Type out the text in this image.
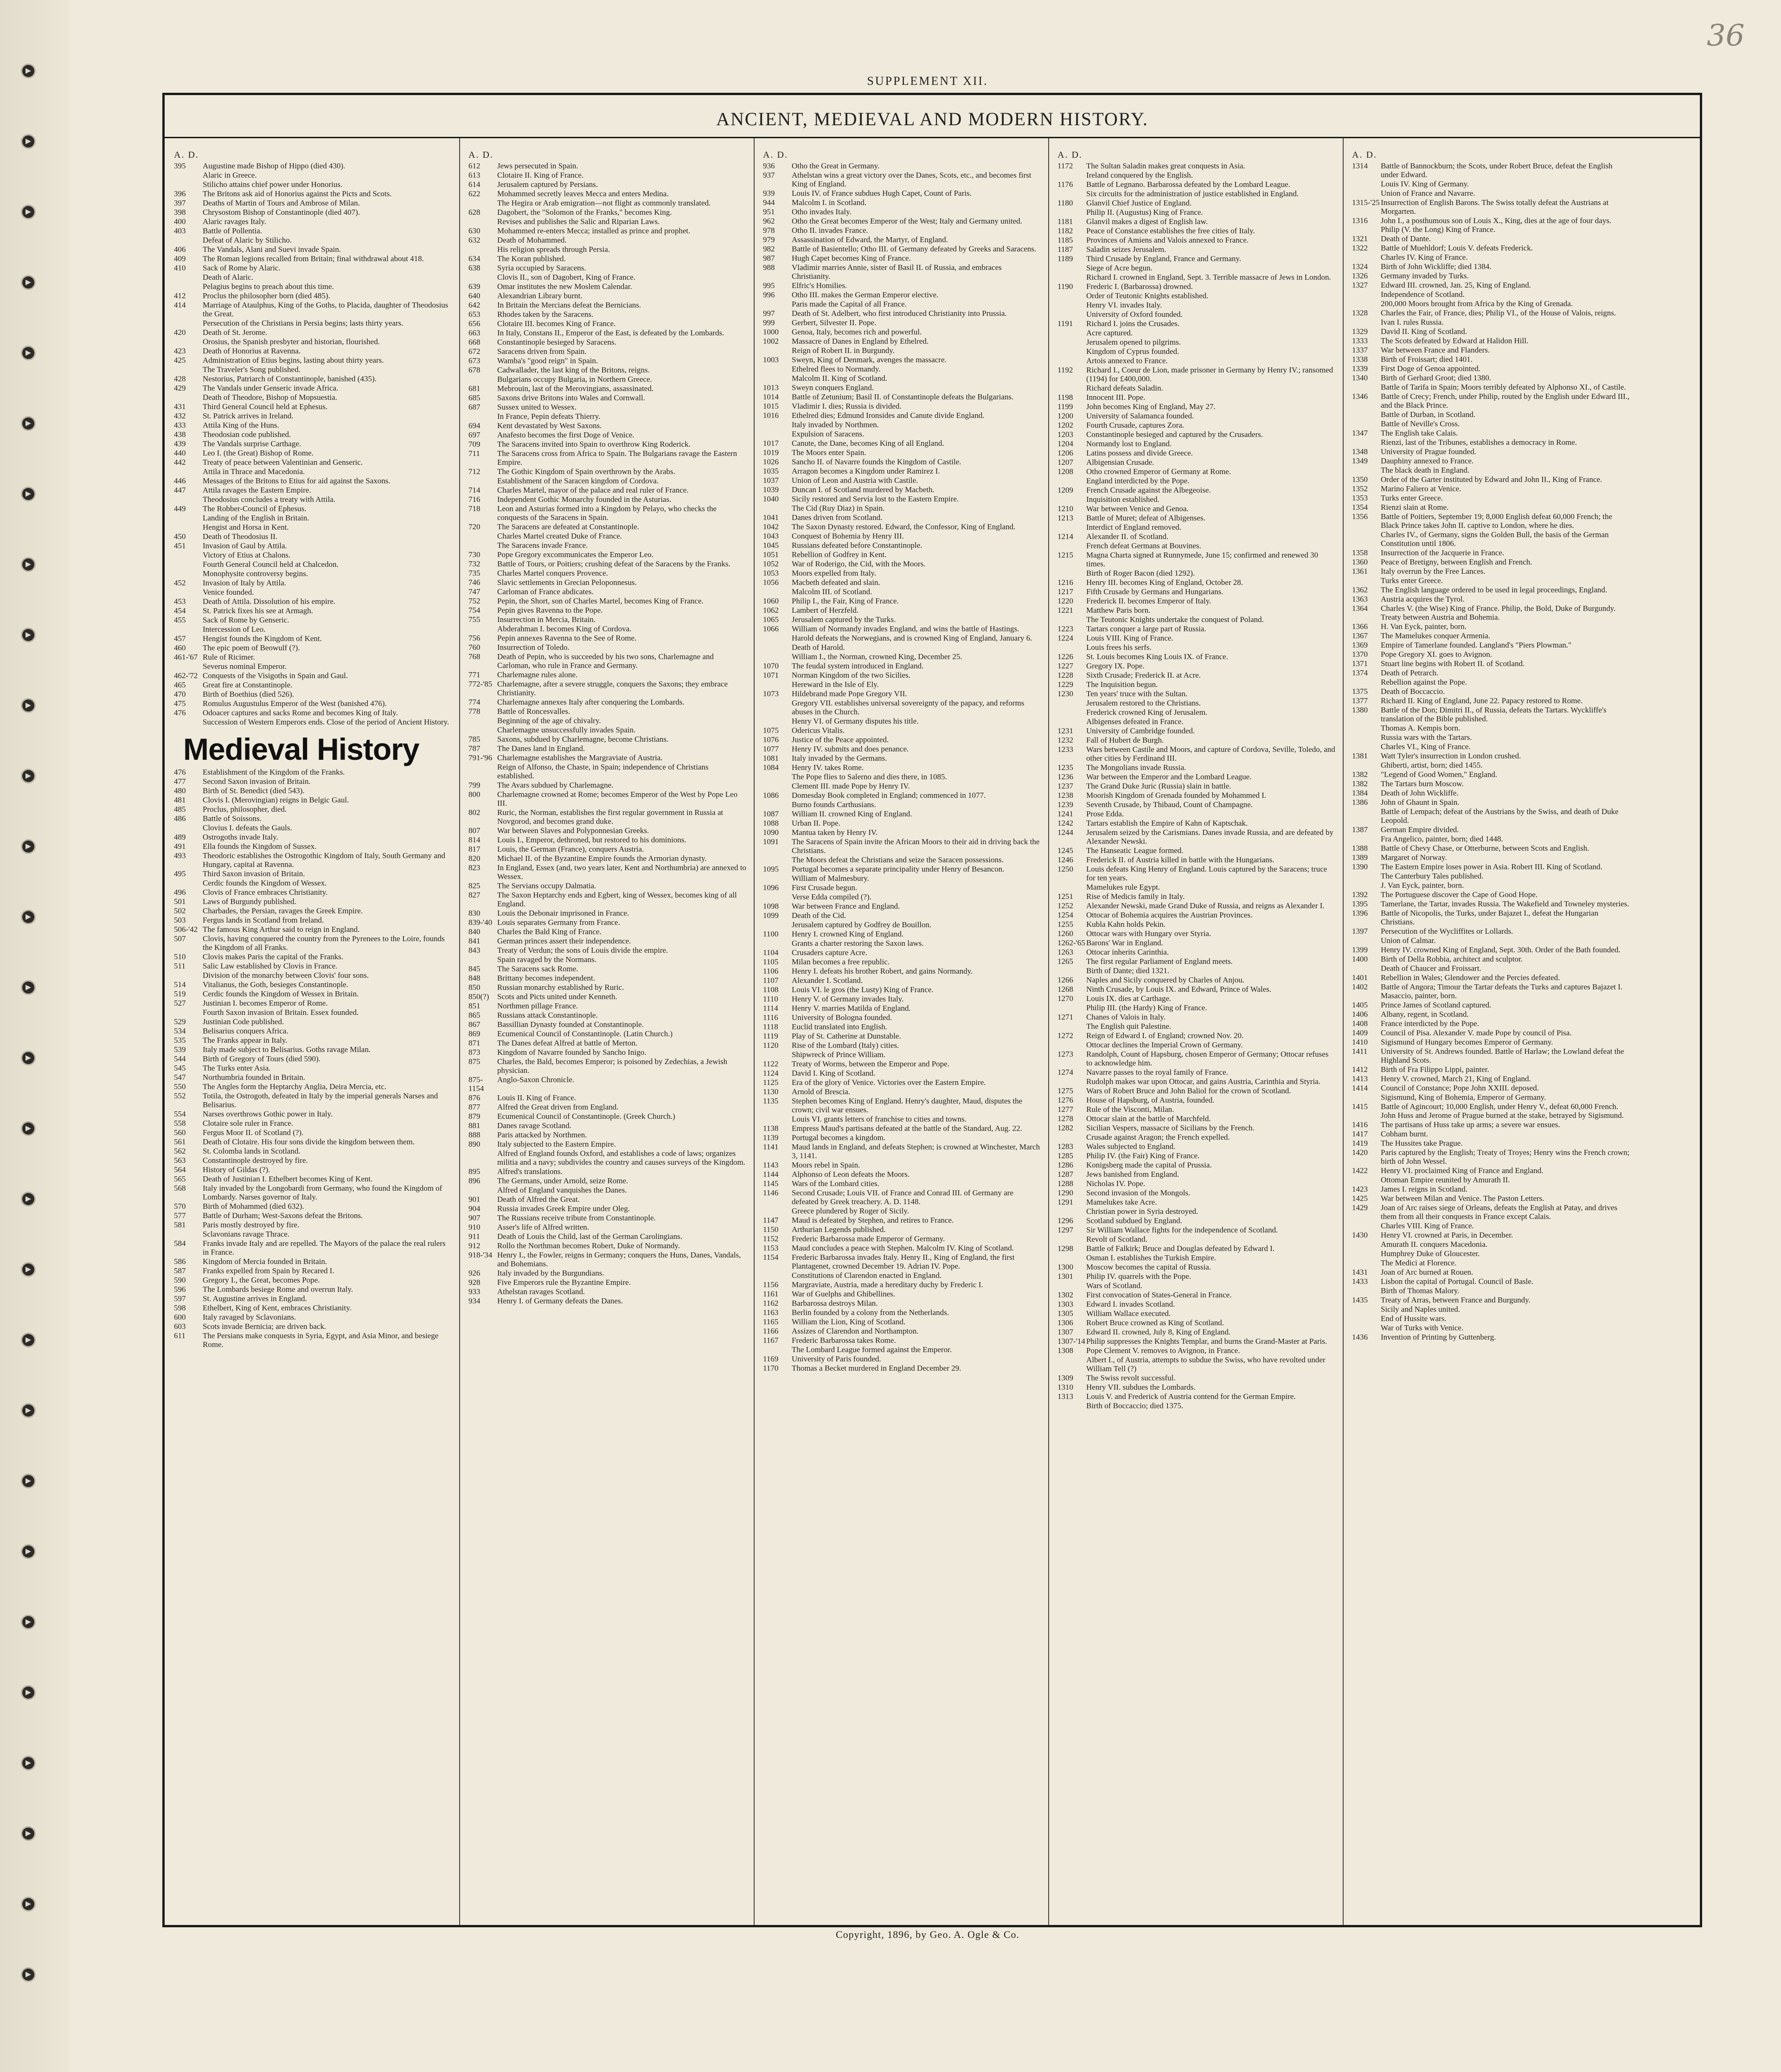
36
SUPPLEMENT XII.
ANCIENT, MEDIEVAL AND MODERN HISTORY.
A. D.
395	Augustine made Bishop of Hippo (died 430).
Alaric in Greece.
Stilicho attains chief power under Honorius.
396	The Britons ask aid of Honorius against the Picts and Scots.
397	Deaths of Martin of Tours and Ambrose of Milan.
398	Chrysostom Bishop of Constantinople (died 407).
400	Alaric ravages Italy.
403	Battle of Pollentia.
Defeat of Alaric by Stilicho.
406	The Vandals, Alani and Suevi invade Spain.
409	The Roman legions recalled from Britain; final withdrawal about 418.
410	Sack of Rome by Alaric.
Death of Alaric.
Pelagius begins to preach about this time.
412	Proclus the philosopher born (died 485).
414	Marriage of Ataulphus, King of the Goths, to Placida, daughter of Theodosius the Great.
Persecution of the Christians in Persia begins; lasts thirty years.
420	Death of St. Jerome.
Orosius, the Spanish presbyter and historian, flourished.
423	Death of Honorius at Ravenna.
425	Administration of Etius begins, lasting about thirty years.
The Traveler's Song published.
428	Nestorius, Patriarch of Constantinople, banished (435).
429	The Vandals under Genseric invade Africa.
Death of Theodore, Bishop of Mopsuestia.
431	Third General Council held at Ephesus.
432	St. Patrick arrives in Ireland.
433	Attila King of the Huns.
438	Theodosian code published.
439	The Vandals surprise Carthage.
440	Leo I. (the Great) Bishop of Rome.
442	Treaty of peace between Valentinian and Genseric.
Attila in Thrace and Macedonia.
446	Messages of the Britons to Etius for aid against the Saxons.
447	Attila ravages the Eastern Empire.
Theodosius concludes a treaty with Attila.
449	The Robber-Council of Ephesus.
Landing of the English in Britain.
Hengist and Horsa in Kent.
450	Death of Theodosius II.
451	Invasion of Gaul by Attila.
Victory of Etius at Chalons.
Fourth General Council held at Chalcedon.
Monophysite controversy begins.
452	Invasion of Italy by Attila.
Venice founded.
453	Death of Attila. Dissolution of his empire.
454	St. Patrick fixes his see at Armagh.
455	Sack of Rome by Genseric.
Intercession of Leo.
457	Hengist founds the Kingdom of Kent.
460	The epic poem of Beowulf (?).
461-'67 Rule of Ricimer.
Severus nominal Emperor.
462-'72 Conquests of the Visigoths in Spain and Gaul.
465	Great fire at Constantinople.
470	Birth of Boethius (died 526).
475	Romulus Augustulus Emperor of the West (banished 476).
476	Odoacer captures and sacks Rome and becomes King of Italy.
Succession of Western Emperors ends. Close of the period of Ancient History.
Medieval History
476	Establishment of the Kingdom of the Franks.
477	Second Saxon invasion of Britain.
480	Birth of St. Benedict (died 543).
481	Clovis I. (Merovingian) reigns in Belgic Gaul.
485	Proclus, philosopher, died.
486	Battle of Soissons.
Clovius I. defeats the Gauls.
489	Ostrogoths invade Italy.
491	Ella founds the Kingdom of Sussex.
493	Theodoric establishes the Ostrogothic Kingdom of Italy, South Germany and Hungary, capital at Ravenna.
495	Third Saxon invasion of Britain.
Cerdic founds the Kingdom of Wessex.
496	Clovis of France embraces Christianity.
501	Laws of Burgundy published.
502	Charbades, the Persian, ravages the Greek Empire.
503	Fergus lands in Scotland from Ireland.
506-'42 The famous King Arthur said to reign in England.
507	Clovis, having conquered the country from the Pyrenees to the Loire, founds the Kingdom of all Franks.
510	Clovis makes Paris the capital of the Franks.
511	Salic Law established by Clovis in France.
Division of the monarchy between Clovis' four sons.
514	Vitalianus, the Goth, besieges Constantinople.
519	Cerdic founds the Kingdom of Wessex in Britain.
527	Justinian I. becomes Emperor of Rome.
Fourth Saxon invasion of Britain. Essex founded.
529	Justinian Code published.
534	Belisarius conquers Africa.
535	The Franks appear in Italy.
539	Italy made subject to Belisarius. Goths ravage Milan.
544	Birth of Gregory of Tours (died 590).
545	The Turks enter Asia.
547	Northumbria founded in Britain.
550	The Angles form the Heptarchy Anglia, Deira Mercia, etc.
552	Totila, the Ostrogoth, defeated in Italy by the imperial generals Narses and Belisarius.
554	Narses overthrows Gothic power in Italy.
558	Clotaire sole ruler in France.
560	Fergus Moor II. of Scotland (?).
561	Death of Clotaire. His four sons divide the kingdom between them.
562	St. Colomba lands in Scotland.
563	Constantinople destroyed by fire.
564	History of Gildas (?).
565	Death of Justinian I. Ethelbert becomes King of Kent.
568	Italy invaded by the Longobardi from Germany, who found the Kingdom of Lombardy. Narses governor of Italy.
570	Birth of Mohammed (died 632).
577	Battle of Durham; West-Saxons defeat the Britons.
581	Paris mostly destroyed by fire.
Sclavonians ravage Thrace.
584	Franks invade Italy and are repelled. The Mayors of the palace the real rulers in France.
586	Kingdom of Mercia founded in Britain.
587	Franks expelled from Spain by Recared I.
590	Gregory I., the Great, becomes Pope.
596	The Lombards besiege Rome and overrun Italy.
597	St. Augustine arrives in England.
598	Ethelbert, King of Kent, embraces Christianity.
600	Italy ravaged by Sclavonians.
603	Scots invade Bernicia; are driven back.
611	The Persians make conquests in Syria, Egypt, and Asia Minor, and besiege Rome.
A. D.
612	Jews persecuted in Spain.
613	Clotaire II. King of France.
614	Jerusalem captured by Persians.
622	Mohammed secretly leaves Mecca and enters Medina.
The Hegira or Arab emigration—not flight as commonly translated.
628	Dagobert, the "Solomon of the Franks," becomes King.
Revises and publishes the Salic and Riparian Laws.
630	Mohammed re-enters Mecca; installed as prince and prophet.
632	Death of Mohammed.
His religion spreads through Persia.
634	The Koran published.
638	Syria occupied by Saracens.
Clovis II., son of Dagobert, King of France.
639	Omar institutes the new Moslem Calendar.
640	Alexandrian Library burnt.
642	In Britain the Mercians defeat the Bernicians.
653	Rhodes taken by the Saracens.
656	Clotaire III. becomes King of France.
663	In Italy, Constans II., Emperor of the East, is defeated by the Lombards.
668	Constantinople besieged by Saracens.
672	Saracens driven from Spain.
673	Wamba's "good reign" in Spain.
678	Cadwallader, the last king of the Britons, reigns.
Bulgarians occupy Bulgaria, in Northern Greece.
681	Mebrouin, last of the Merovingians, assassinated.
685	Saxons drive Britons into Wales and Cornwall.
687	Sussex united to Wessex.
In France, Pepin defeats Thierry.
694	Kent devastated by West Saxons.
697	Anafesto becomes the first Doge of Venice.
709	The Saracens invited into Spain to overthrow King Roderick.
711	The Saracens cross from Africa to Spain. The Bulgarians ravage the Eastern Empire.
712	The Gothic Kingdom of Spain overthrown by the Arabs.
Establishment of the Saracen kingdom of Cordova.
714	Charles Martel, mayor of the palace and real ruler of France.
716	Independent Gothic Monarchy founded in the Asturias.
718	Leon and Asturias formed into a Kingdom by Pelayo, who checks the conquests of the Saracens in Spain.
720	The Saracens are defeated at Constantinople.
Charles Martel created Duke of France.
The Saracens invade France.
730	Pope Gregory excommunicates the Emperor Leo.
732	Battle of Tours, or Poitiers; crushing defeat of the Saracens by the Franks.
735	Charles Martel conquers Provence.
746	Slavic settlements in Grecian Peloponnesus.
747	Carloman of France abdicates.
752	Pepin, the Short, son of Charles Martel, becomes King of France.
754	Pepin gives Ravenna to the Pope.
755	Insurrection in Mercia, Britain.
Abderahman I. becomes King of Cordova.
756	Pepin annexes Ravenna to the See of Rome.
760	Insurrection of Toledo.
768	Death of Pepin, who is succeeded by his two sons, Charlemagne and Carloman, who rule in France and Germany.
771	Charlemagne rules alone.
772-'85 Charlemagne, after a severe struggle, conquers the Saxons; they embrace Christianity.
774	Charlemagne annexes Italy after conquering the Lombards.
778	Battle of Roncesvalles.
Beginning of the age of chivalry.
Charlemagne unsuccessfully invades Spain.
785	Saxons, subdued by Charlemagne, become Christians.
787	The Danes land in England.
791-'96 Charlemagne establishes the Margraviate of Austria.
Reign of Alfonso, the Chaste, in Spain; independence of Christians established.
799	The Avars subdued by Charlemagne.
800	Charlemagne crowned at Rome; becomes Emperor of the West by Pope Leo III.
802	Ruric, the Norman, establishes the first regular government in Russia at Novgorod, and becomes grand duke.
807	War between Slaves and Polyponnesian Greeks.
814	Louis I., Emperor, dethroned, but restored to his dominions.
817	Louis, the German (France), conquers Austria.
820	Michael II. of the Byzantine Empire founds the Armorian dynasty.
823	In England, Essex (and, two years later, Kent and Northumbria) are annexed to Wessex.
825	The Servians occupy Dalmatia.
827	The Saxon Heptarchy ends and Egbert, king of Wessex, becomes king of all England.
830	Louis the Debonair imprisoned in France.
839-'40 Louis separates Germany from France.
840	Charles the Bald King of France.
841	German princes assert their independence.
843	Treaty of Verdun; the sons of Louis divide the empire.
Spain ravaged by the Normans.
845	The Saracens sack Rome.
848	Brittany becomes independent.
850	Russian monarchy established by Ruric.
850(?)	Scots and Picts united under Kenneth.
851	Northmen pillage France.
865	Russians attack Constantinople.
867	Bassillian Dynasty founded at Constantinople.
869	Ecumenical Council of Constantinople. (Latin Church.)
871	The Danes defeat Alfred at battle of Merton.
873	Kingdom of Navarre founded by Sancho Inigo.
875	Charles, the Bald, becomes Emperor; is poisoned by Zedechias, a Jewish physician.
875-1154
Anglo-Saxon Chronicle.
876	Louis II. King of France.
877	Alfred the Great driven from England.
879	Ecumenical Council of Constantinople. (Greek Church.)
881	Danes ravage Scotland.
888	Paris attacked by Northmen.
890	Italy subjected to the Eastern Empire.
Alfred of England founds Oxford, and establishes a code of laws; organizes militia and a navy; subdivides the country and causes surveys of the Kingdom.
895	Alfred's translations.
896	The Germans, under Arnold, seize Rome.
Alfred of England vanquishes the Danes.
901	Death of Alfred the Great.
904	Russia invades Greek Empire under Oleg.
907	The Russians receive tribute from Constantinople.
910	Asser's life of Alfred written.
911	Death of Louis the Child, last of the German Carolingians.
912	Rollo the Northman becomes Robert, Duke of Normandy.
918-'34 Henry I., the Fowler, reigns in Germany; conquers the Huns, Danes, Vandals, and Bohemians.
926	Italy invaded by the Burgundians.
928	Five Emperors rule the Byzantine Empire.
933	Athelstan ravages Scotland.
934	Henry I. of Germany defeats the Danes.
A. D.
936	Otho the Great in Germany.
937	Athelstan wins a great victory over the Danes, Scots, etc., and becomes first King of England.
939	Louis IV. of France subdues Hugh Capet, Count of Paris.
944	Malcolm I. in Scotland.
951	Otho invades Italy.
962	Otho the Great becomes Emperor of the West; Italy and Germany united.
978	Otho II. invades France.
979	Assassination of Edward, the Martyr, of England.
982	Battle of Basientello; Otho III. of Germany defeated by Greeks and Saracens.
987	Hugh Capet becomes King of France.
988	Vladimir marries Annie, sister of Basil II. of Russia, and embraces Christianity.
995	Elfric's Homilies.
996	Otho III. makes the German Emperor elective.
Paris made the Capital of all France.
997	Death of St. Adelbert, who first introduced Christianity into Prussia.
999	Gerbert, Silvester II. Pope.
1000	Genoa, Italy, becomes rich and powerful.
1002	Massacre of Danes in England by Ethelred.
Reign of Robert II. in Burgundy.
1003	Sweyn, King of Denmark, avenges the massacre.
Ethelred flees to Normandy.
Malcolm II. King of Scotland.
1013	Sweyn conquers England.
1014	Battle of Zetunium; Basil II. of Constantinople defeats the Bulgarians.
1015	Vladimir I. dies; Russia is divided.
1016	Ethelred dies; Edmund Ironsides and Canute divide England.
Italy invaded by Northmen.
Expulsion of Saracens.
1017	Canute, the Dane, becomes King of all England.
1019	The Moors enter Spain.
1026	Sancho II. of Navarre founds the Kingdom of Castile.
1035	Arragon becomes a Kingdom under Ramirez I.
1037	Union of Leon and Austria with Castile.
1039	Duncan I. of Scotland murdered by Macbeth.
1040	Sicily restored and Servia lost to the Eastern Empire.
The Cid (Ruy Diaz) in Spain.
1041	Danes driven from Scotland.
1042	The Saxon Dynasty restored. Edward, the Confessor, King of England.
1043	Conquest of Bohemia by Henry III.
1045	Russians defeated before Constantinople.
1051	Rebellion of Godfrey in Kent.
1052	War of Roderigo, the Cid, with the Moors.
1053	Moors expelled from Italy.
1056	Macbeth defeated and slain.
Malcolm III. of Scotland.
1060	Philip I., the Fair, King of France.
1062	Lambert of Herzfeld.
1065	Jerusalem captured by the Turks.
1066	William of Normandy invades England, and wins the battle of Hastings.
Harold defeats the Norwegians, and is crowned King of England, January 6.
Death of Harold.
William I., the Norman, crowned King, December 25.
1070	The feudal system introduced in England.
1071	Norman Kingdom of the two Sicilies.
Hereward in the Isle of Ely.
1073	Hildebrand made Pope Gregory VII.
Gregory VII. establishes universal sovereignty of the papacy, and reforms abuses in the Church.
Henry VI. of Germany disputes his title.
1075	Odericus Vitalis.
1076	Justice of the Peace appointed.
1077	Henry IV. submits and does penance.
1081	Italy invaded by the Germans.
1084	Henry IV. takes Rome.
The Pope flies to Salerno and dies there, in 1085.
Clement III. made Pope by Henry IV.
1086	Domesday Book completed in England; commenced in 1077.
Burno founds Carthusians.
1087	William II. crowned King of England.
1088	Urban II. Pope.
1090	Mantua taken by Henry IV.
1091	The Saracens of Spain invite the African Moors to their aid in driving back the Christians.
The Moors defeat the Christians and seize the Saracen possessions.
1095	Portugal becomes a separate principality under Henry of Besancon.
William of Malmesbury.
1096	First Crusade begun.
Verse Edda compiled (?).
1098	War between France and England.
1099	Death of the Cid.
Jerusalem captured by Godfrey de Bouillon.
1100	Henry I. crowned King of England.
Grants a charter restoring the Saxon laws.
1104	Crusaders capture Acre.
1105	Milan becomes a free republic.
1106	Henry I. defeats his brother Robert, and gains Normandy.
1107	Alexander I. Scotland.
1108	Louis VI. le gros (the Lusty) King of France.
1110	Henry V. of Germany invades Italy.
1114	Henry V. marries Matilda of England.
1116	University of Bologna founded.
1118	Euclid translated into English.
1119	Play of St. Catherine at Dunstable.
1120	Rise of the Lombard (Italy) cities.
Shipwreck of Prince William.
1122	Treaty of Worms, between the Emperor and Pope.
1124	David I. King of Scotland.
1125	Era of the glory of Venice. Victories over the Eastern Empire.
1130	Arnold of Brescia.
1135	Stephen becomes King of England. Henry's daughter, Maud, disputes the crown; civil war ensues.
Louis VI. grants letters of franchise to cities and towns.
1138	Empress Maud's partisans defeated at the battle of the Standard, Aug. 22.
1139	Portugal becomes a kingdom.
1141	Maud lands in England, and defeats Stephen; is crowned at Winchester, March 3, 1141.
1143	Moors rebel in Spain.
1144	Alphonso of Leon defeats the Moors.
1145	Wars of the Lombard cities.
1146	Second Crusade; Louis VII. of France and Conrad III. of Germany are defeated by Greek treachery. A. D. 1148.
Greece plundered by Roger of Sicily.
1147	Maud is defeated by Stephen, and retires to France.
1150	Arthurian Legends published.
1152	Frederic Barbarossa made Emperor of Germany.
1153	Maud concludes a peace with Stephen. Malcolm IV. King of Scotland.
1154	Frederic Barbarossa invades Italy. Henry II., King of England, the first Plantagenet, crowned December 19. Adrian IV. Pope.
Constitutions of Clarendon enacted in England.
1156	Margraviate, Austria, made a hereditary duchy by Frederic I.
1161	War of Guelphs and Ghibellines.
1162	Barbarossa destroys Milan.
1163	Berlin founded by a colony from the Netherlands.
1165	William the Lion, King of Scotland.
1166	Assizes of Clarendon and Northampton.
1167	Frederic Barbarossa takes Rome.
The Lombard League formed against the Emperor.
1169	University of Paris founded.
1170	Thomas a Becket murdered in England December 29.
A. D.
1172	The Sultan Saladin makes great conquests in Asia.
Ireland conquered by the English.
1176	Battle of Legnano. Barbarossa defeated by the Lombard League.
Six circuits for the administration of justice established in England.
1180	Glanvil Chief Justice of England.
Philip II. (Augustus) King of France.
1181	Glanvil makes a digest of English law.
1182	Peace of Constance establishes the free cities of Italy.
1185	Provinces of Amiens and Valois annexed to France.
1187	Saladin seizes Jerusalem.
1189	Third Crusade by England, France and Germany.
Siege of Acre begun.
Richard I. crowned in England, Sept. 3. Terrible massacre of Jews in London.
1190	Frederic I. (Barbarossa) drowned.
Order of Teutonic Knights established.
Henry VI. invades Italy.
University of Oxford founded.
1191	Richard I. joins the Crusades.
Acre captured.
Jerusalem opened to pilgrims.
Kingdom of Cyprus founded.
Artois annexed to France.
1192	Richard I., Coeur de Lion, made prisoner in Germany by Henry IV.; ransomed (1194) for £400,000.
Richard defeats Saladin.
1198	Innocent III. Pope.
1199	John becomes King of England, May 27.
1200	University of Salamanca founded.
1202	Fourth Crusade, captures Zora.
1203	Constantinople besieged and captured by the Crusaders.
1204	Normandy lost to England.
1206	Latins possess and divide Greece.
1207	Albigensian Crusade.
1208	Otho crowned Emperor of Germany at Rome.
England interdicted by the Pope.
1209	French Crusade against the Albegeoise.
Inquisition established.
1210	War between Venice and Genoa.
1213	Battle of Muret; defeat of Albigenses.
Interdict of England removed.
1214	Alexander II. of Scotland.
French defeat Germans at Bouvines.
1215	Magna Charta signed at Runnymede, June 15; confirmed and renewed 30 times.
Birth of Roger Bacon (died 1292).
1216	Henry III. becomes King of England, October 28.
1217	Fifth Crusade by Germans and Hungarians.
1220	Frederick II. becomes Emperor of Italy.
1221	Matthew Paris born.
The Teutonic Knights undertake the conquest of Poland.
1223	Tartars conquer a large part of Russia.
1224	Louis VIII. King of France.
Louis frees his serfs.
1226	St. Louis becomes King Louis IX. of France.
1227	Gregory IX. Pope.
1228	Sixth Crusade; Frederick II. at Acre.
1229	The Inquisition begun.
1230	Ten years' truce with the Sultan.
Jerusalem restored to the Christians.
Frederick crowned King of Jerusalem.
Albigenses defeated in France.
1231	University of Cambridge founded.
1232	Fall of Hubert de Burgh.
1233	Wars between Castile and Moors, and capture of Cordova, Seville, Toledo, and other cities by Ferdinand III.
1235	The Mongolians invade Russia.
1236	War between the Emperor and the Lombard League.
1237	The Grand Duke Juric (Russia) slain in battle.
1238	Moorish Kingdom of Grenada founded by Mohammed I.
1239	Seventh Crusade, by Thibaud, Count of Champagne.
1241	Prose Edda.
1242	Tartars establish the Empire of Kahn of Kaptschak.
1244	Jerusalem seized by the Carismians. Danes invade Russia, and are defeated by Alexander Newski.
1245	The Hanseatic League formed.
1246	Frederick II. of Austria killed in battle with the Hungarians.
1250	Louis defeats King Henry of England. Louis captured by the Saracens; truce for ten years.
Mamelukes rule Egypt.
1251	Rise of Medicis family in Italy.
1252	Alexander Newski, made Grand Duke of Russia, and reigns as Alexander I.
1254	Ottocar of Bohemia acquires the Austrian Provinces.
1255	Kubla Kahn holds Pekin.
1260	Ottocar wars with Hungary over Styria.
1262-'65 Barons' War in England.
1263	Ottocar inherits Carinthia.
1265	The first regular Parliament of England meets.
Birth of Dante; died 1321.
1266	Naples and Sicily conquered by Charles of Anjou.
1268	Ninth Crusade, by Louis IX. and Edward, Prince of Wales.
1270	Louis IX. dies at Carthage.
Philip III. (the Hardy) King of France.
1271	Chanes of Valois in Italy.
The English quit Palestine.
1272	Reign of Edward I. of England; crowned Nov. 20.
Ottocar declines the Imperial Crown of Germany.
1273	Randolph, Count of Hapsburg, chosen Emperor of Germany; Ottocar refuses to acknowledge him.
1274	Navarre passes to the royal family of France.
Rudolph makes war upon Ottocar, and gains Austria, Carinthia and Styria.
1275	Wars of Robert Bruce and John Baliol for the crown of Scotland.
1276	House of Hapsburg, of Austria, founded.
1277	Rule of the Visconti, Milan.
1278	Ottocar slain at the battle of Marchfeld.
1282	Sicilian Vespers, massacre of Sicilians by the French.
Crusade against Aragon; the French expelled.
1283	Wales subjected to England.
1285	Philip IV. (the Fair) King of France.
1286	Konigsberg made the capital of Prussia.
1287	Jews banished from England.
1288	Nicholas IV. Pope.
1290	Second invasion of the Mongols.
1291	Mamelukes take Acre.
Christian power in Syria destroyed.
1296	Scotland subdued by England.
1297	Sir William Wallace fights for the independence of Scotland.
Revolt of Scotland.
1298	Battle of Falkirk; Bruce and Douglas defeated by Edward I.
Osman I. establishes the Turkish Empire.
1300	Moscow becomes the capital of Russia.
1301	Philip IV. quarrels with the Pope.
Wars of Scotland.
1302	First convocation of States-General in France.
1303	Edward I. invades Scotland.
1305	William Wallace executed.
1306	Robert Bruce crowned as King of Scotland.
1307	Edward II. crowned, July 8, King of England.
1307-'14 Philip suppresses the Knights Templar, and burns the Grand-Master at Paris.
1308	Pope Clement V. removes to Avignon, in France.
Albert I., of Austria, attempts to subdue the Swiss, who have revolted under William Tell (?)
1309	The Swiss revolt successful.
1310	Henry VII. subdues the Lombards.
1313	Louis V. and Frederick of Austria contend for the German Empire.
Birth of Boccaccio; died 1375.
A. D.
1314	Battle of Bannockburn; the Scots, under Robert Bruce, defeat the English under Edward.
Louis IV. King of Germany.
Union of France and Navarre.
1315-'25 Insurrection of English Barons. The Swiss totally defeat the Austrians at Morgarten.
1316	John I., a posthumous son of Louis X., King, dies at the age of four days. Philip (V. the Long) King of France.
1321	Death of Dante.
1322	Battle of Muehldorf; Louis V. defeats Frederick.
Charles IV. King of France.
1324	Birth of John Wickliffe; died 1384.
1326	Germany invaded by Turks.
1327	Edward III. crowned, Jan. 25, King of England.
Independence of Scotland.
200,000 Moors brought from Africa by the King of Grenada.
1328	Charles the Fair, of France, dies; Philip VI., of the House of Valois, reigns.
Ivan I. rules Russia.
1329	David II. King of Scotland.
1333	The Scots defeated by Edward at Halidon Hill.
1337	War between France and Flanders.
1338	Birth of Froissart; died 1401.
1339	First Doge of Genoa appointed.
1340	Birth of Gerhard Groot; died 1380.
Battle of Tarifa in Spain; Moors terribly defeated by Alphonso XI., of Castile.
1346	Battle of Crecy; French, under Philip, routed by the English under Edward III., and the Black Prince.
Battle of Durban, in Scotland.
Battle of Neville's Cross.
1347	The English take Calais.
Rienzi, last of the Tribunes, establishes a democracy in Rome.
1348	University of Prague founded.
1349	Dauphiny annexed to France.
The black death in England.
1350	Order of the Garter instituted by Edward and John II., King of France.
1352	Marino Faliero at Venice.
1353	Turks enter Greece.
1354	Rienzi slain at Rome.
1356	Battle of Poitiers, September 19; 8,000 English defeat 60,000 French; the Black Prince takes John II. captive to London, where he dies.
Charles IV., of Germany, signs the Golden Bull, the basis of the German Constitution until 1806.
1358	Insurrection of the Jacquerie in France.
1360	Peace of Bretigny, between English and French.
1361	Italy overrun by the Free Lances.
Turks enter Greece.
1362	The English language ordered to be used in legal proceedings, England.
1363	Austria acquires the Tyrol.
1364	Charles V. (the Wise) King of France. Philip, the Bold, Duke of Burgundy. Treaty between Austria and Bohemia.
1366	H. Van Eyck, painter, born.
1367	The Mamelukes conquer Armenia.
1369	Empire of Tamerlane founded. Langland's "Piers Plowman."
1370	Pope Gregory XI. goes to Avignon.
1371	Stuart line begins with Robert II. of Scotland.
1374	Death of Petrarch.
Rebellion against the Pope.
1375	Death of Boccaccio.
1377	Richard II. King of England, June 22. Papacy restored to Rome.
1380	Battle of the Don; Dimitri II., of Russia, defeats the Tartars. Wyckliffe's translation of the Bible published.
Thomas A. Kempis born.
Russia wars with the Tartars.
Charles VI., King of France.
1381	Watt Tyler's insurrection in London crushed.
Ghiberti, artist, born; died 1455.
1382	"Legend of Good Women," England.
1382	The Tartars burn Moscow.
1384	Death of John Wickliffe.
1386	John of Ghaunt in Spain.
Battle of Lempach; defeat of the Austrians by the Swiss, and death of Duke Leopold.
1387	German Empire divided.
Fra Angelico, painter, born; died 1448.
1388	Battle of Chevy Chase, or Otterburne, between Scots and English.
1389	Margaret of Norway.
1390	The Eastern Empire loses power in Asia. Robert III. King of Scotland.
The Canterbury Tales published.
J. Van Eyck, painter, born.
1392	The Portuguese discover the Cape of Good Hope.
1395	Tamerlane, the Tartar, invades Russia. The Wakefield and Towneley mysteries.
1396	Battle of Nicopolis, the Turks, under Bajazet I., defeat the Hungarian Christians.
1397	Persecution of the Wycliffites or Lollards.
Union of Calmar.
1399	Henry IV. crowned King of England, Sept. 30th. Order of the Bath founded.
1400	Birth of Della Robbia, architect and sculptor.
Death of Chaucer and Froissart.
1401	Rebellion in Wales; Glendower and the Percies defeated.
1402	Battle of Angora; Timour the Tartar defeats the Turks and captures Bajazet I. Masaccio, painter, born.
1405	Prince James of Scotland captured.
1406	Albany, regent, in Scotland.
1408	France interdicted by the Pope.
1409	Council of Pisa. Alexander V. made Pope by council of Pisa.
1410	Sigismund of Hungary becomes Emperor of Germany.
1411	University of St. Andrews founded. Battle of Harlaw; the Lowland defeat the Highland Scots.
1412	Birth of Fra Filippo Lippi, painter.
1413	Henry V. crowned, March 21, King of England.
1414	Council of Constance; Pope John XXIII. deposed.
Sigismund, King of Bohemia, Emperor of Germany.
1415	Battle of Agincourt; 10,000 English, under Henry V., defeat 60,000 French. John Huss and Jerome of Prague burned at the stake, betrayed by Sigismund.
1416	The partisans of Huss take up arms; a severe war ensues.
1417	Cobham burnt.
1419	The Hussites take Prague.
1420	Paris captured by the English; Treaty of Troyes; Henry wins the French crown; birth of John Wessel.
1422	Henry VI. proclaimed King of France and England.
Ottoman Empire reunited by Amurath II.
1423	James I. reigns in Scotland.
1425	War between Milan and Venice. The Paston Letters.
1429	Joan of Arc raises siege of Orleans, defeats the English at Patay, and drives them from all their conquests in France except Calais.
Charles VIII. King of France.
1430	Henry VI. crowned at Paris, in December.
Amurath II. conquers Macedonia.
Humphrey Duke of Gloucester.
The Medici at Florence.
1431	Joan of Arc burned at Rouen.
1433	Lisbon the capital of Portugal. Council of Basle.
Birth of Thomas Malory.
1435	Treaty of Arras, between France and Burgundy.
Sicily and Naples united.
End of Hussite wars.
War of Turks with Venice.
1436	Invention of Printing by Guttenberg.
Copyright, 1896, by Geo. A. Ogle & Co.
